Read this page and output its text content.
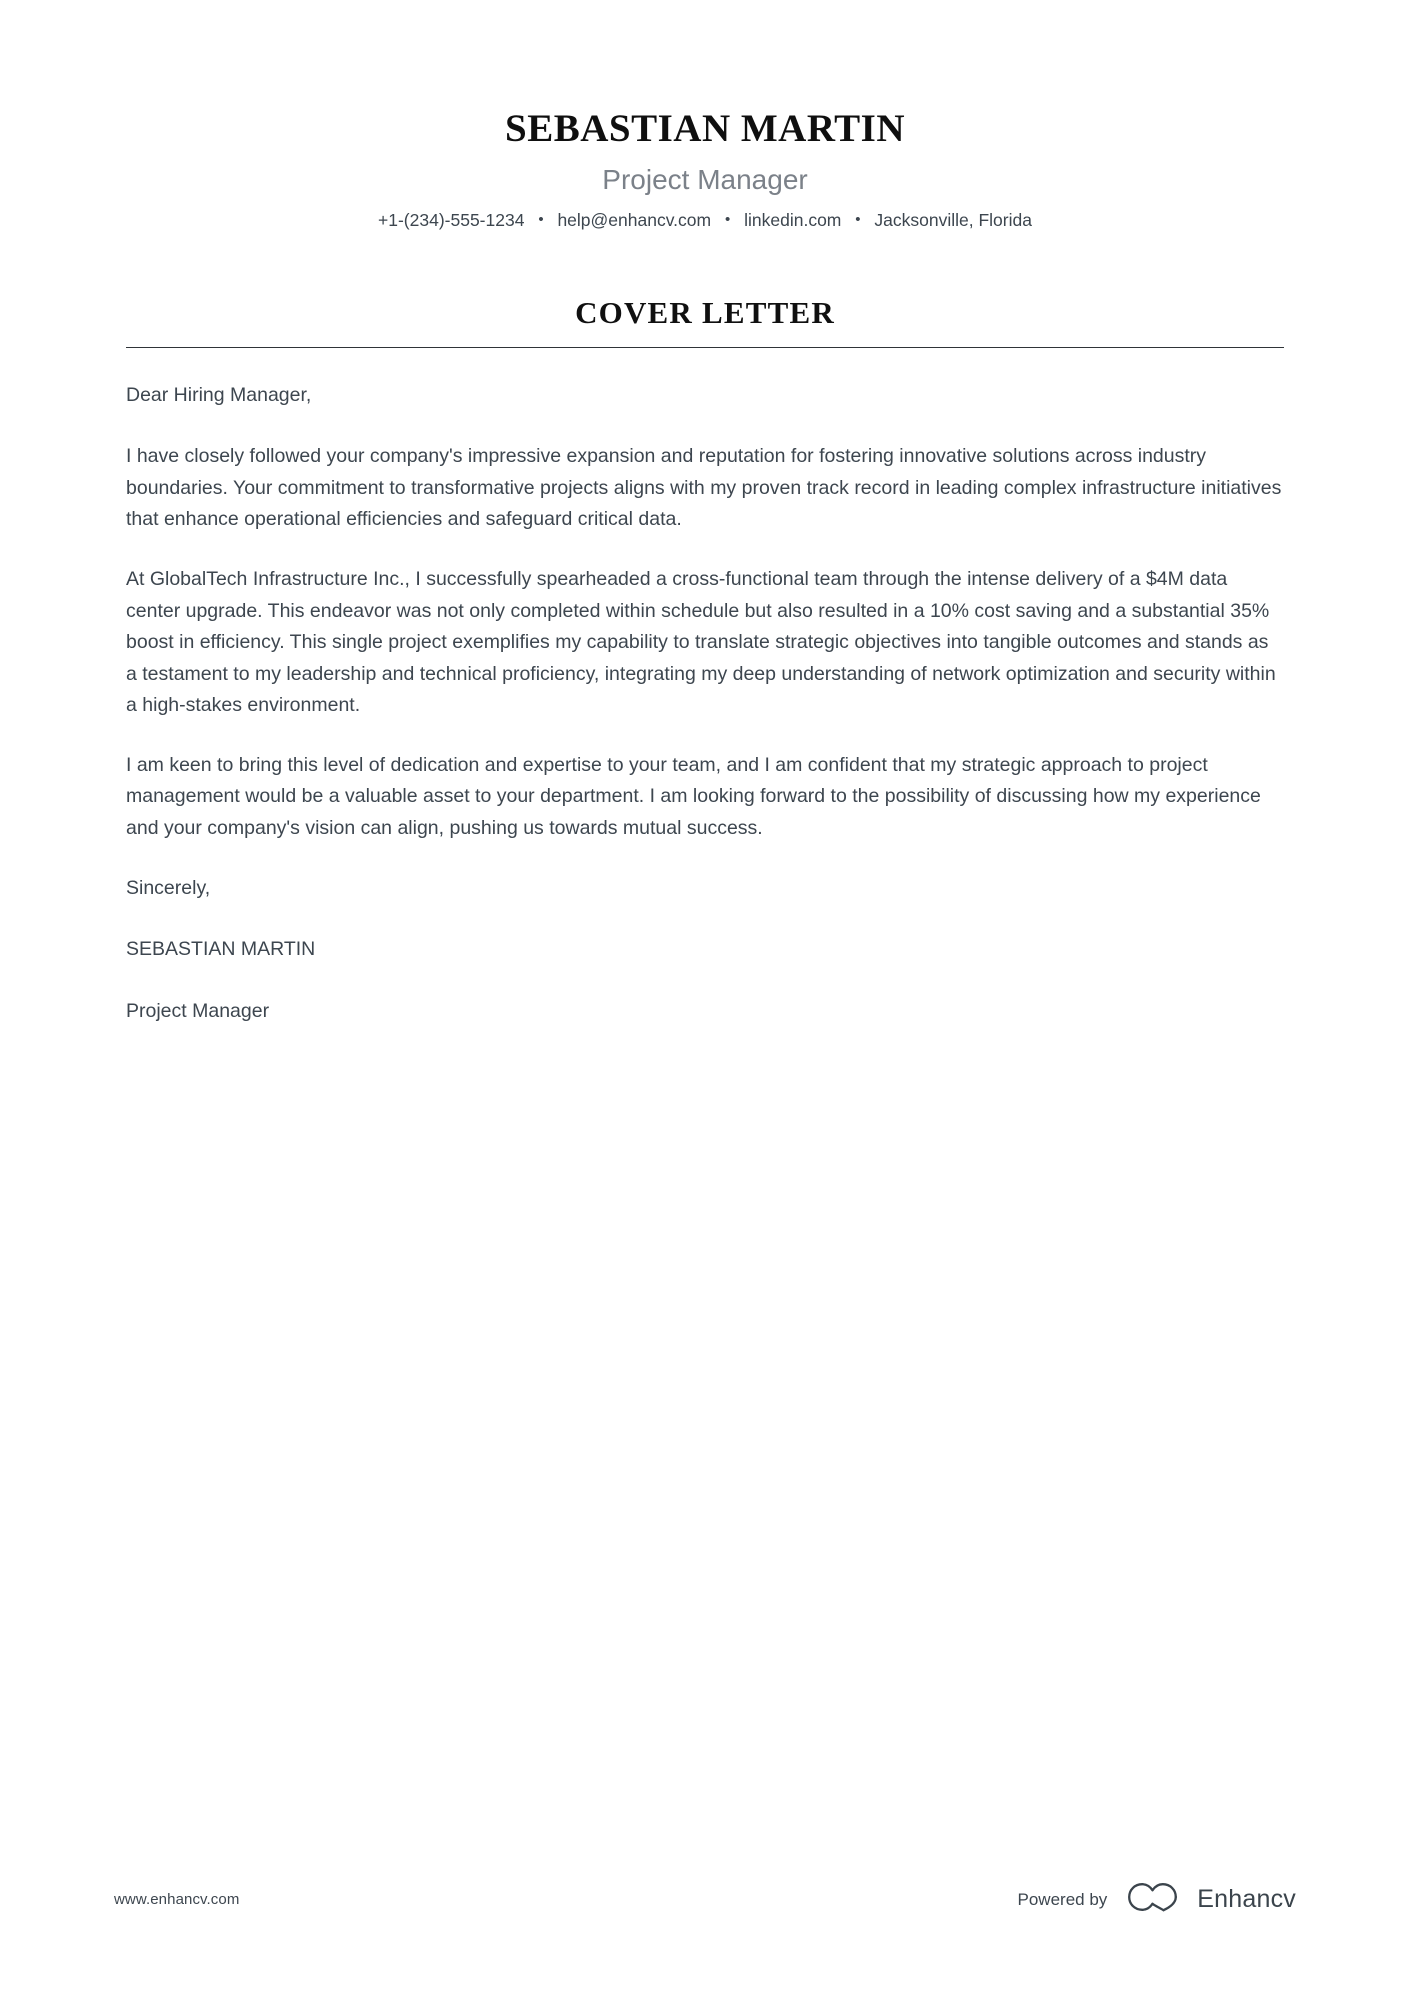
SEBASTIAN MARTIN
Project Manager
+1-(234)-555-1234 • help@enhancv.com • linkedin.com • Jacksonville, Florida
COVER LETTER

Dear Hiring Manager,

I have closely followed your company's impressive expansion and reputation for fostering innovative solutions across industry boundaries. Your commitment to transformative projects aligns with my proven track record in leading complex infrastructure initiatives that enhance operational efficiencies and safeguard critical data.

At GlobalTech Infrastructure Inc., I successfully spearheaded a cross-functional team through the intense delivery of a $4M data center upgrade. This endeavor was not only completed within schedule but also resulted in a 10% cost saving and a substantial 35% boost in efficiency. This single project exemplifies my capability to translate strategic objectives into tangible outcomes and stands as a testament to my leadership and technical proficiency, integrating my deep understanding of network optimization and security within a high-stakes environment.

I am keen to bring this level of dedication and expertise to your team, and I am confident that my strategic approach to project management would be a valuable asset to your department. I am looking forward to the possibility of discussing how my experience and your company's vision can align, pushing us towards mutual success.

Sincerely,

SEBASTIAN MARTIN

Project Manager

www.enhancv.com	Powered by	Enhancv
